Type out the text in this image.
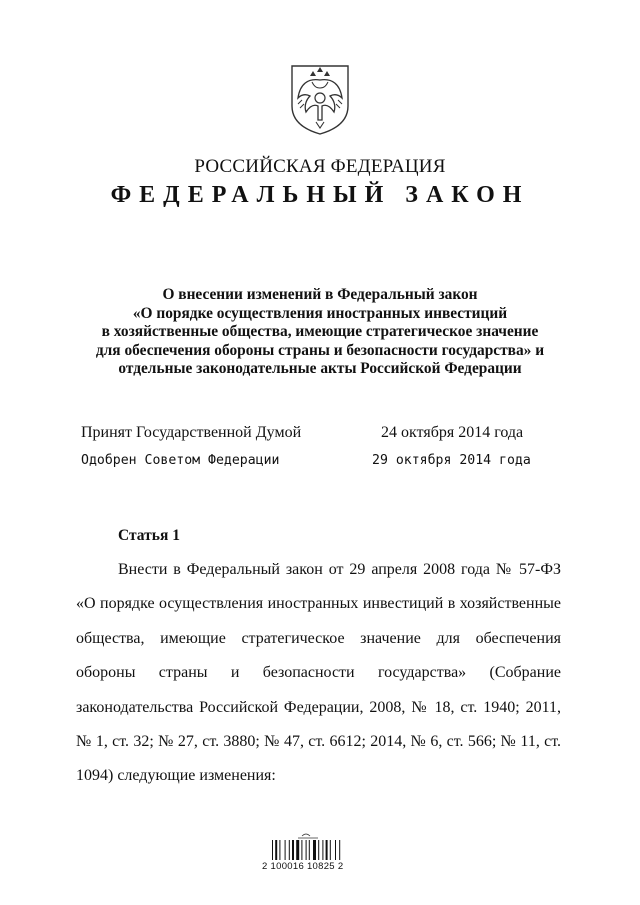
РОССИЙСКАЯ ФЕДЕРАЦИЯ
ФЕДЕРАЛЬНЫЙ ЗАКОН
О внесении изменений в Федеральный закон
«О порядке осуществления иностранных инвестиций
в хозяйственные общества, имеющие стратегическое значение
для обеспечения обороны страны и безопасности государства» и
отдельные законодательные акты Российской Федерации
Принят Государственной Думой	24 октября 2014 года
Одобрен Советом Федерации	29 октября 2014 года
Статья 1
Внести в Федеральный закон от 29 апреля 2008 года № 57-ФЗ «О порядке осуществления иностранных инвестиций в хозяйственные общества, имеющие стратегическое значение для обеспечения обороны страны и безопасности государства» (Собрание законодательства Российской Федерации, 2008, № 18, ст. 1940; 2011, № 1, ст. 32; № 27, ст. 3880; № 47, ст. 6612; 2014, № 6, ст. 566; № 11, ст. 1094) следующие изменения:
2 100016 10825 2
